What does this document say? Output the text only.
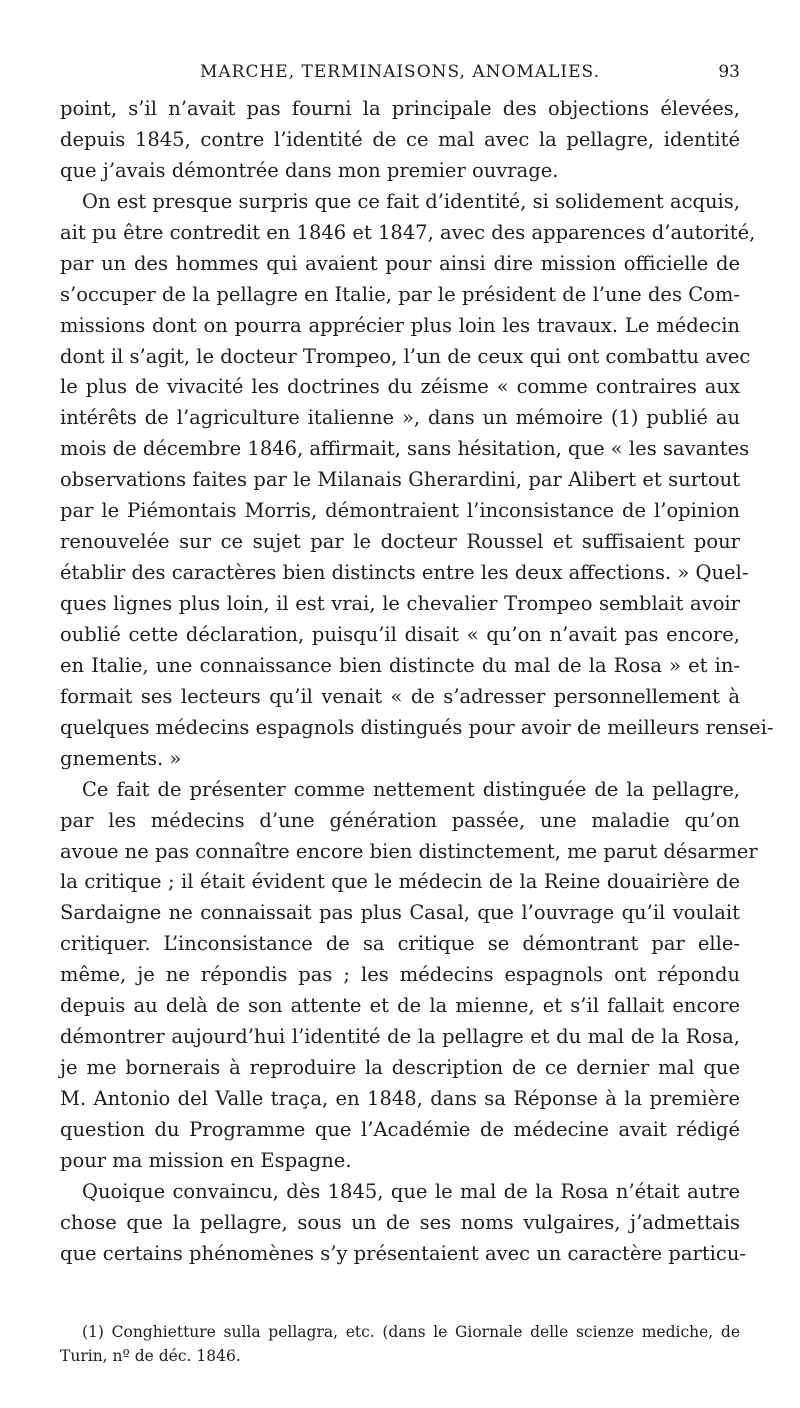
MARCHE, TERMINAISONS, ANOMALIES.	93
point, s’il n’avait pas fourni la principale des objections élevées,
depuis 1845, contre l’identité de ce mal avec la pellagre, identité
que j’avais démontrée dans mon premier ouvrage.
On est presque surpris que ce fait d’identité, si solidement acquis,
ait pu être contredit en 1846 et 1847, avec des apparences d’autorité,
par un des hommes qui avaient pour ainsi dire mission officielle de
s’occuper de la pellagre en Italie, par le président de l’une des Com-
missions dont on pourra apprécier plus loin les travaux. Le médecin
dont il s’agit, le docteur Trompeo, l’un de ceux qui ont combattu avec
le plus de vivacité les doctrines du zéisme « comme contraires aux
intérêts de l’agriculture italienne », dans un mémoire (1) publié au
mois de décembre 1846, affirmait, sans hésitation, que « les savantes
observations faites par le Milanais Gherardini, par Alibert et surtout
par le Piémontais Morris, démontraient l’inconsistance de l’opinion
renouvelée sur ce sujet par le docteur Roussel et suffisaient pour
établir des caractères bien distincts entre les deux affections. » Quel-
ques lignes plus loin, il est vrai, le chevalier Trompeo semblait avoir
oublié cette déclaration, puisqu’il disait « qu’on n’avait pas encore,
en Italie, une connaissance bien distincte du mal de la Rosa » et in-
formait ses lecteurs qu’il venait « de s’adresser personnellement à
quelques médecins espagnols distingués pour avoir de meilleurs rensei-
gnements. »
Ce fait de présenter comme nettement distinguée de la pellagre,
par les médecins d’une génération passée, une maladie qu’on
avoue ne pas connaître encore bien distinctement, me parut désarmer
la critique ; il était évident que le médecin de la Reine douairière de
Sardaigne ne connaissait pas plus Casal, que l’ouvrage qu’il voulait
critiquer. L’inconsistance de sa critique se démontrant par elle-
même, je ne répondis pas ; les médecins espagnols ont répondu
depuis au delà de son attente et de la mienne, et s’il fallait encore
démontrer aujourd’hui l’identité de la pellagre et du mal de la Rosa,
je me bornerais à reproduire la description de ce dernier mal que
M. Antonio del Valle traça, en 1848, dans sa Réponse à la première
question du Programme que l’Académie de médecine avait rédigé
pour ma mission en Espagne.
Quoique convaincu, dès 1845, que le mal de la Rosa n’était autre
chose que la pellagre, sous un de ses noms vulgaires, j’admettais
que certains phénomènes s’y présentaient avec un caractère particu-
(1) Conghietture sulla pellagra, etc. (dans le Giornale delle scienze mediche, de
Turin, nº de déc. 1846.
